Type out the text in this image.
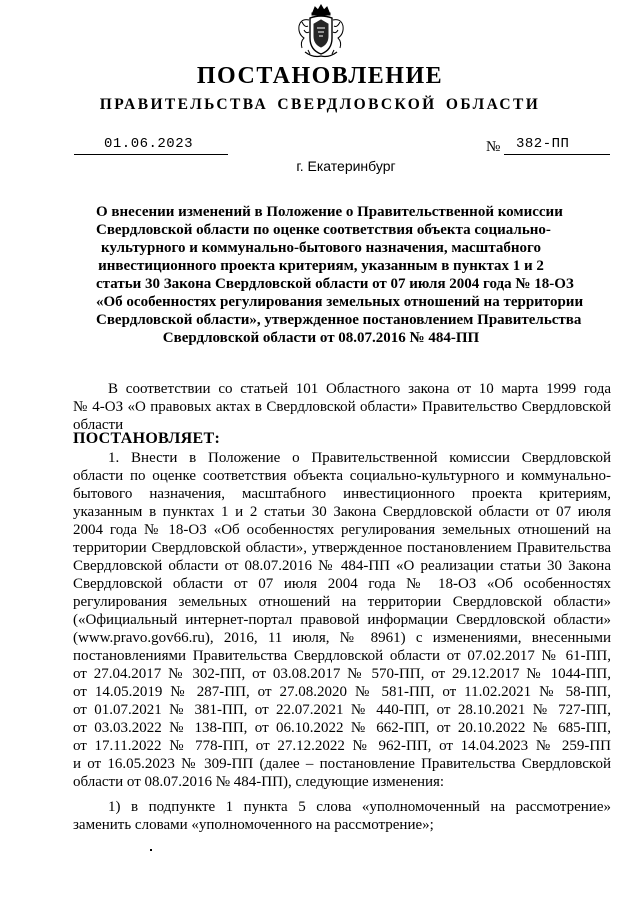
ПОСТАНОВЛЕНИЕ
ПРАВИТЕЛЬСТВА СВЕРДЛОВСКОЙ ОБЛАСТИ
01.06.2023	№ 382-ПП
г. Екатеринбург
О внесении изменений в Положение о Правительственной комиссии
Свердловской области по оценке соответствия объекта социально-
культурного и коммунально-бытового назначения, масштабного
инвестиционного проекта критериям, указанным в пунктах 1 и 2
статьи 30 Закона Свердловской области от 07 июля 2004 года № 18-ОЗ
«Об особенностях регулирования земельных отношений на территории
Свердловской области», утвержденное постановлением Правительства
Свердловской области от 08.07.2016 № 484-ПП
В соответствии со статьей 101 Областного закона от 10 марта 1999 года
№ 4-ОЗ «О правовых актах в Свердловской области» Правительство Свердловской
области
ПОСТАНОВЛЯЕТ:
1. Внести в Положение о Правительственной комиссии Свердловской
области по оценке соответствия объекта социально-культурного и коммунально-
бытового назначения, масштабного инвестиционного проекта критериям,
указанным в пунктах 1 и 2 статьи 30 Закона Свердловской области от 07 июля
2004 года № 18-ОЗ «Об особенностях регулирования земельных отношений на
территории Свердловской области», утвержденное постановлением Правительства
Свердловской области от 08.07.2016 № 484-ПП «О реализации статьи 30 Закона
Свердловской области от 07 июля 2004 года № 18-ОЗ «Об особенностях
регулирования земельных отношений на территории Свердловской области»
(«Официальный интернет-портал правовой информации Свердловской области»
(www.pravo.gov66.ru), 2016, 11 июля, № 8961) с изменениями, внесенными
постановлениями Правительства Свердловской области от 07.02.2017 № 61-ПП,
от 27.04.2017 № 302-ПП, от 03.08.2017 № 570-ПП, от 29.12.2017 № 1044-ПП,
от 14.05.2019 № 287-ПП, от 27.08.2020 № 581-ПП, от 11.02.2021 № 58-ПП,
от 01.07.2021 № 381-ПП, от 22.07.2021 № 440-ПП, от 28.10.2021 № 727-ПП,
от 03.03.2022 № 138-ПП, от 06.10.2022 № 662-ПП, от 20.10.2022 № 685-ПП,
от 17.11.2022 № 778-ПП, от 27.12.2022 № 962-ПП, от 14.04.2023 № 259-ПП
и от 16.05.2023 № 309-ПП (далее – постановление Правительства Свердловской
области от 08.07.2016 № 484-ПП), следующие изменения:
1) в подпункте 1 пункта 5 слова «уполномоченный на рассмотрение»
заменить словами «уполномоченного на рассмотрение»;
